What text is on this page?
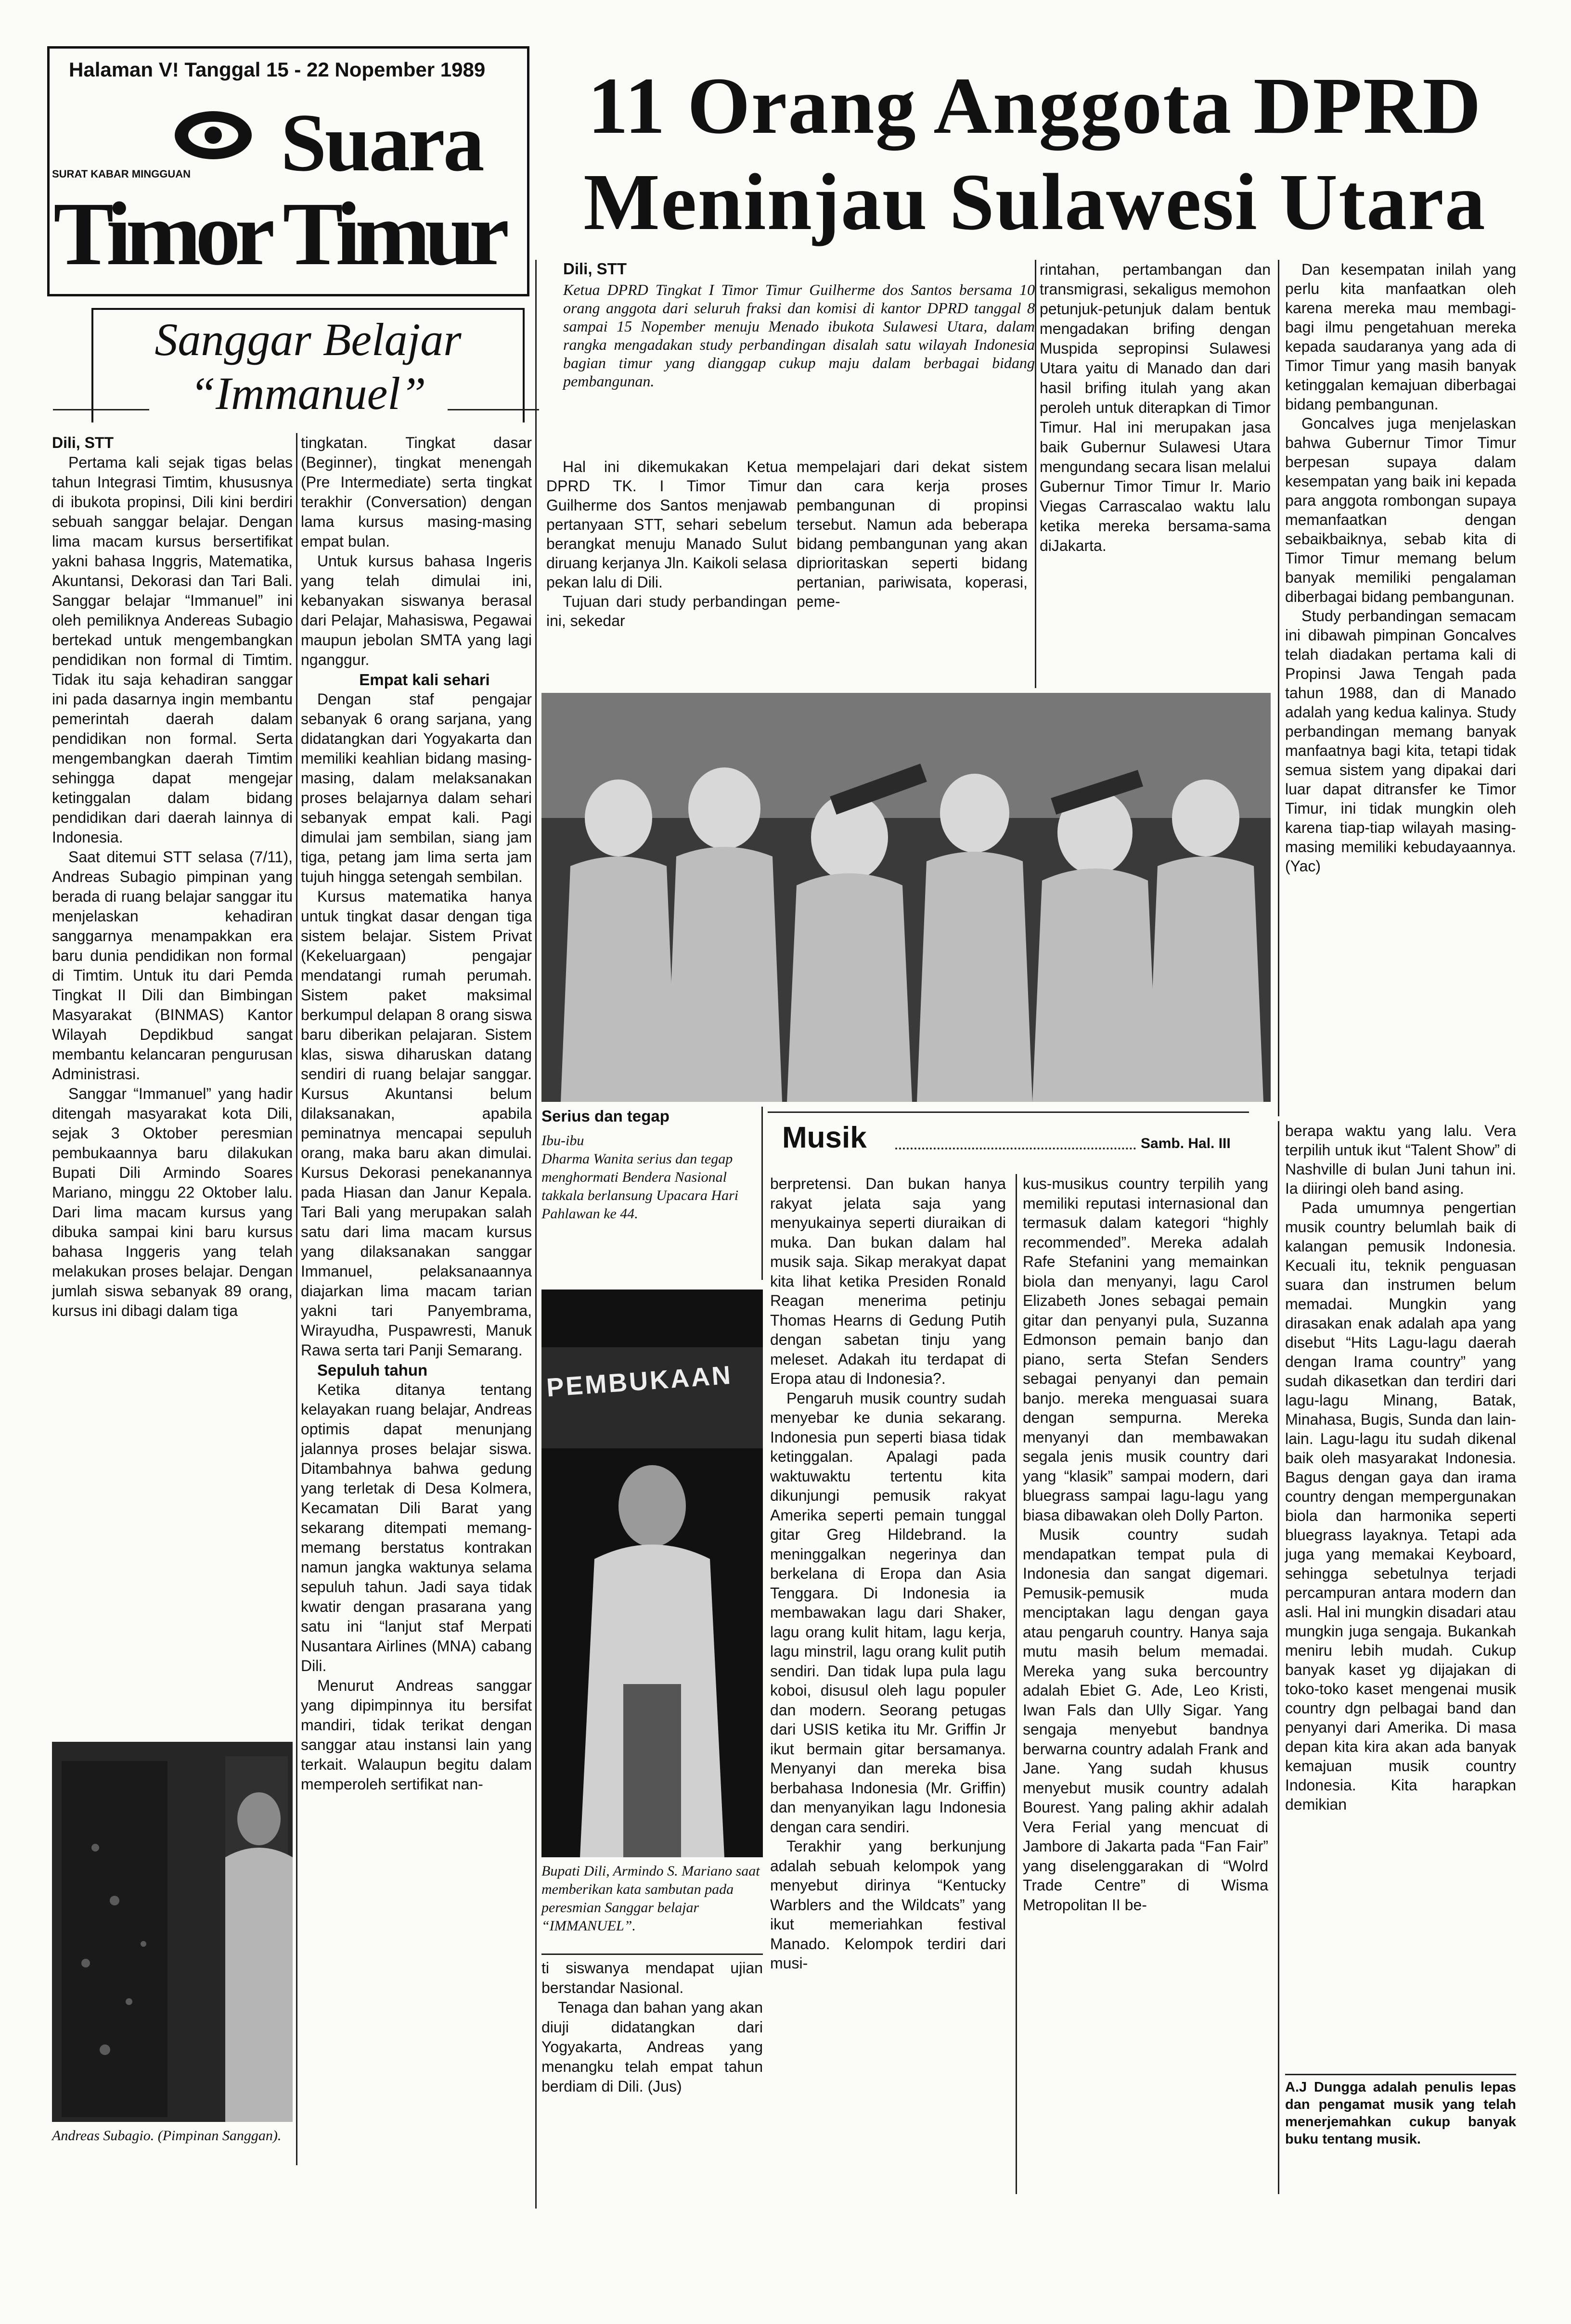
Halaman V! Tanggal 15 - 22 Nopember 1989
SURAT KABAR MINGGUAN Suara
Timor Timur
11 Orang Anggota DPRD
Meninjau Sulawesi Utara
Sanggar Belajar
“Immanuel”

Dili, STT

Pertama kali sejak tigas belas tahun Integrasi Timtim, khususnya di ibukota propinsi, Dili kini berdiri sebuah sanggar belajar. Dengan lima macam kursus bersertifikat yakni bahasa Inggris, Matematika, Akuntansi, Dekorasi dan Tari Bali. Sanggar belajar “Immanuel” ini oleh pemiliknya Andereas Subagio bertekad untuk mengembangkan pendidikan non formal di Timtim. Tidak itu saja kehadiran sanggar ini pada dasarnya ingin membantu pemerintah daerah dalam pendidikan non formal. Serta mengembangkan daerah Timtim sehingga dapat mengejar ketinggalan dalam bidang pendidikan dari daerah lainnya di Indonesia.

Saat ditemui STT selasa (7/11), Andreas Subagio pimpinan yang berada di ruang belajar sanggar itu menjelaskan kehadiran sanggarnya menampakkan era baru dunia pendidikan non formal di Timtim. Untuk itu dari Pemda Tingkat II Dili dan Bimbingan Masyarakat (BINMAS) Kantor Wilayah Depdikbud sangat membantu kelancaran pengurusan Administrasi.

Sanggar “Immanuel” yang hadir ditengah masyarakat kota Dili, sejak 3 Oktober peresmian pembukaannya baru dilakukan Bupati Dili Armindo Soares Mariano, minggu 22 Oktober lalu. Dari lima macam kursus yang dibuka sampai kini baru kursus bahasa Inggeris yang telah melakukan proses belajar. Dengan jumlah siswa sebanyak 89 orang, kursus ini dibagi dalam tiga

Andreas Subagio. (Pimpinan Sanggan).

tingkatan. Tingkat dasar (Beginner), tingkat menengah (Pre Intermediate) serta tingkat terakhir (Conversation) dengan lama kursus masing-masing empat bulan.

Untuk kursus bahasa Ingeris yang telah dimulai ini, kebanyakan siswanya berasal dari Pelajar, Mahasiswa, Pegawai maupun jebolan SMTA yang lagi nganggur.

Empat kali sehari

Dengan staf pengajar sebanyak 6 orang sarjana, yang didatangkan dari Yogyakarta dan memiliki keahlian bidang masing-masing, dalam melaksanakan proses belajarnya dalam sehari sebanyak empat kali. Pagi dimulai jam sembilan, siang jam tiga, petang jam lima serta jam tujuh hingga setengah sembilan.

Kursus matematika hanya untuk tingkat dasar dengan tiga sistem belajar. Sistem Privat (Kekeluargaan) pengajar mendatangi rumah perumah. Sistem paket maksimal berkumpul delapan 8 orang siswa baru diberikan pelajaran. Sistem klas, siswa diharuskan datang sendiri di ruang belajar sanggar. Kursus Akuntansi belum dilaksanakan, apabila peminatnya mencapai sepuluh orang, maka baru akan dimulai. Kursus Dekorasi penekanannya pada Hiasan dan Janur Kepala. Tari Bali yang merupakan salah satu dari lima macam kursus yang dilaksanakan sanggar Immanuel, pelaksanaannya diajarkan lima macam tarian yakni tari Panyembrama, Wirayudha, Puspawresti, Manuk Rawa serta tari Panji Semarang.

Sepuluh tahun

Ketika ditanya tentang kelayakan ruang belajar, Andreas optimis dapat menunjang jalannya proses belajar siswa. Ditambahnya bahwa gedung yang terletak di Desa Kolmera, Kecamatan Dili Barat yang sekarang ditempati memang-memang berstatus kontrakan namun jangka waktunya selama sepuluh tahun. Jadi saya tidak kwatir dengan prasarana yang satu ini “lanjut staf Merpati Nusantara Airlines (MNA) cabang Dili.

Menurut Andreas sanggar yang dipimpinnya itu bersifat mandiri, tidak terikat dengan sanggar atau instansi lain yang terkait. Walaupun begitu dalam memperoleh sertifikat nan-

Dili, STT
Ketua DPRD Tingkat I Timor Timur Guilherme dos Santos bersama 10 orang anggota dari seluruh fraksi dan komisi di kantor DPRD tanggal 8 sampai 15 Nopember menuju Menado ibukota Sulawesi Utara, dalam rangka mengadakan study perbandingan disalah satu wilayah Indonesia bagian timur yang dianggap cukup maju dalam berbagai bidang pembangunan.

Hal ini dikemukakan Ketua DPRD TK. I Timor Timur Guilherme dos Santos menjawab pertanyaan STT, sehari sebelum berangkat menuju Manado Sulut diruang kerjanya Jln. Kaikoli selasa pekan lalu di Dili.

Tujuan dari study perbandingan ini, sekedar

mempelajari dari dekat sistem dan cara kerja proses pembangunan di propinsi tersebut. Namun ada beberapa bidang pembangunan yang akan diprioritaskan seperti bidang pertanian, pariwisata, koperasi, peme-

rintahan, pertambangan dan transmigrasi, sekaligus memohon petunjuk-petunjuk dalam bentuk mengadakan brifing dengan Muspida sepropinsi Sulawesi Utara yaitu di Manado dan dari hasil brifing itulah yang akan peroleh untuk diterapkan di Timor Timur. Hal ini merupakan jasa baik Gubernur Sulawesi Utara mengundang secara lisan melalui Gubernur Timor Timur Ir. Mario Viegas Carrascalao waktu lalu ketika mereka bersama-sama diJakarta.

Dan kesempatan inilah yang perlu kita manfaatkan oleh karena mereka mau membagi-bagi ilmu pengetahuan mereka kepada saudaranya yang ada di Timor Timur yang masih banyak ketinggalan kemajuan diberbagai bidang pembangunan.

Goncalves juga menjelaskan bahwa Gubernur Timor Timur berpesan supaya dalam kesempatan yang baik ini kepada para anggota rombongan supaya memanfaatkan dengan sebaikbaiknya, sebab kita di Timor Timur memang belum banyak memiliki pengalaman diberbagai bidang pembangunan.

Study perbandingan semacam ini dibawah pimpinan Goncalves telah diadakan pertama kali di Propinsi Jawa Tengah pada tahun 1988, dan di Manado adalah yang kedua kalinya. Study perbandingan memang banyak manfaatnya bagi kita, tetapi tidak semua sistem yang dipakai dari luar dapat ditransfer ke Timor Timur, ini tidak mungkin oleh karena tiap-tiap wilayah masing-masing memiliki kebudayaannya. (Yac)

Serius dan tegap
Ibu-ibu
Dharma Wanita serius dan tegap menghormati Bendera Nasional takkala berlansung Upacara Hari Pahlawan ke 44.
PEMBUKAAN
Bupati Dili, Armindo S. Mariano saat memberikan kata sambutan pada peresmian Sanggar belajar “IMMANUEL”.

ti siswanya mendapat ujian berstandar Nasional.

Tenaga dan bahan yang akan diuji didatangkan dari Yogyakarta, Andreas yang menangku telah empat tahun berdiam di Dili. (Jus)

Musik	Samb. Hal. III

berpretensi. Dan bukan hanya rakyat jelata saja yang menyukainya seperti diuraikan di muka. Dan bukan dalam hal musik saja. Sikap merakyat dapat kita lihat ketika Presiden Ronald Reagan menerima petinju Thomas Hearns di Gedung Putih dengan sabetan tinju yang meleset. Adakah itu terdapat di Eropa atau di Indonesia?.

Pengaruh musik country sudah menyebar ke dunia sekarang. Indonesia pun seperti biasa tidak ketinggalan. Apalagi pada waktuwaktu tertentu kita dikunjungi pemusik rakyat Amerika seperti pemain tunggal gitar Greg Hildebrand. Ia meninggalkan negerinya dan berkelana di Eropa dan Asia Tenggara. Di Indonesia ia membawakan lagu dari Shaker, lagu orang kulit hitam, lagu kerja, lagu minstril, lagu orang kulit putih sendiri. Dan tidak lupa pula lagu koboi, disusul oleh lagu populer dan modern. Seorang petugas dari USIS ketika itu Mr. Griffin Jr ikut bermain gitar bersamanya. Menyanyi dan mereka bisa berbahasa Indonesia (Mr. Griffin) dan menyanyikan lagu Indonesia dengan cara sendiri.

Terakhir yang berkunjung adalah sebuah kelompok yang menyebut dirinya “Kentucky Warblers and the Wildcats” yang ikut memeriahkan festival Manado. Kelompok terdiri dari musi-

kus-musikus country terpilih yang memiliki reputasi internasional dan termasuk dalam kategori “highly recommended”. Mereka adalah Rafe Stefanini yang memainkan biola dan menyanyi, lagu Carol Elizabeth Jones sebagai pemain gitar dan penyanyi pula, Suzanna Edmonson pemain banjo dan piano, serta Stefan Senders sebagai penyanyi dan pemain banjo. mereka menguasai suara dengan sempurna. Mereka menyanyi dan membawakan segala jenis musik country dari yang “klasik” sampai modern, dari bluegrass sampai lagu-lagu yang biasa dibawakan oleh Dolly Parton.

Musik country sudah mendapatkan tempat pula di Indonesia dan sangat digemari. Pemusik-pemusik muda menciptakan lagu dengan gaya atau pengaruh country. Hanya saja mutu masih belum memadai. Mereka yang suka bercountry adalah Ebiet G. Ade, Leo Kristi, Iwan Fals dan Ully Sigar. Yang sengaja menyebut bandnya berwarna country adalah Frank and Jane. Yang sudah khusus menyebut musik country adalah Bourest. Yang paling akhir adalah Vera Ferial yang mencuat di Jambore di Jakarta pada “Fan Fair” yang diselenggarakan di “Wolrd Trade Centre” di Wisma Metropolitan II be-

berapa waktu yang lalu. Vera terpilih untuk ikut “Talent Show” di Nashville di bulan Juni tahun ini. Ia diiringi oleh band asing.

Pada umumnya pengertian musik country belumlah baik di kalangan pemusik Indonesia. Kecuali itu, teknik penguasan suara dan instrumen belum memadai. Mungkin yang dirasakan enak adalah apa yang disebut “Hits Lagu-lagu daerah dengan Irama country” yang sudah dikasetkan dan terdiri dari lagu-lagu Minang, Batak, Minahasa, Bugis, Sunda dan lain-lain. Lagu-lagu itu sudah dikenal baik oleh masyarakat Indonesia. Bagus dengan gaya dan irama country dengan mempergunakan biola dan harmonika seperti bluegrass layaknya. Tetapi ada juga yang memakai Keyboard, sehingga sebetulnya terjadi percampuran antara modern dan asli. Hal ini mungkin disadari atau mungkin juga sengaja. Bukankah meniru lebih mudah. Cukup banyak kaset yg dijajakan di toko-toko kaset mengenai musik country dgn pelbagai band dan penyanyi dari Amerika. Di masa depan kita kira akan ada banyak kemajuan musik country Indonesia. Kita harapkan demikian

A.J Dungga adalah penulis lepas dan pengamat musik yang telah menerjemahkan cukup banyak buku tentang musik.
